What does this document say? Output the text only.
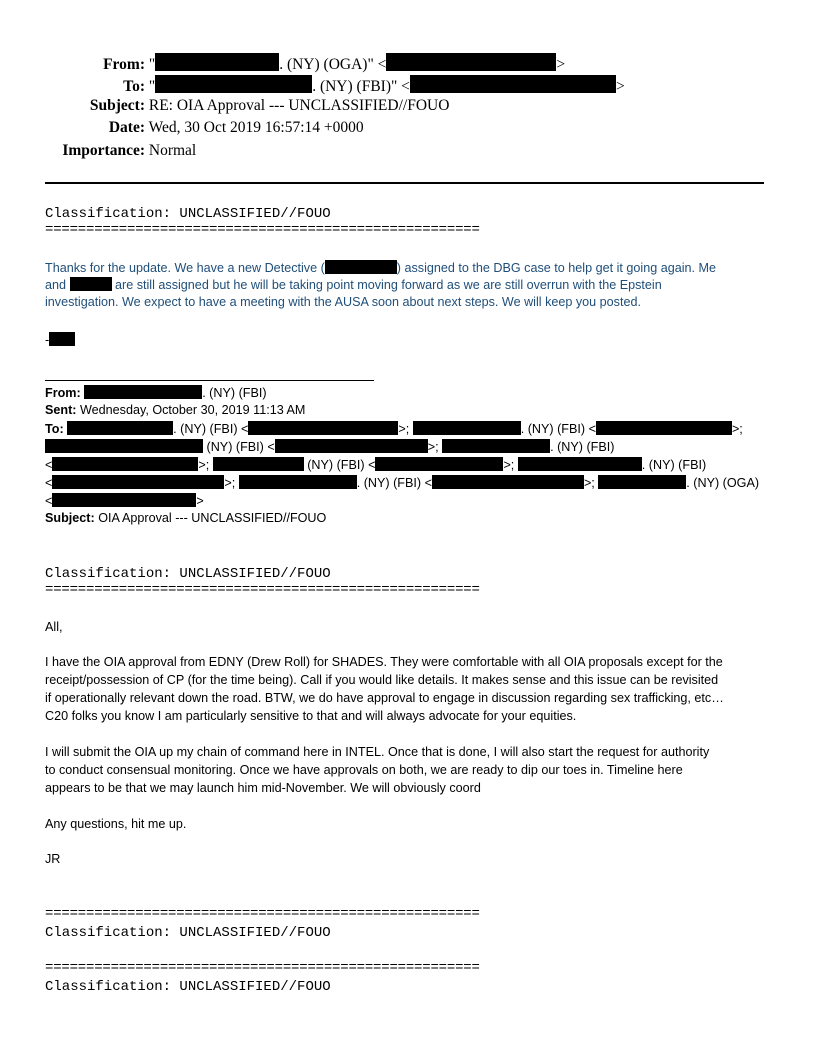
From: "	. (NY) (OGA)" <	>
To: "	. (NY) (FBI)" <	>
Subject: RE: OIA Approval --- UNCLASSIFIED//FOUO
Date: Wed, 30 Oct 2019 16:57:14 +0000
Importance: Normal
Classification: UNCLASSIFIED//FOUO
=====================================================
Thanks for the update. We have a new Detective (	) assigned to the DBG case to help get it going again. Me
and	are still assigned but he will be taking point moving forward as we are still overrun with the Epstein
investigation. We expect to have a meeting with the AUSA soon about next steps. We will keep you posted.
-
From:	. (NY) (FBI)
Sent: Wednesday, October 30, 2019 11:13 AM
To:	. (NY) (FBI) <	>;	. (NY) (FBI) <	>;
(NY) (FBI) <	>;	. (NY) (FBI)
<	>;	(NY) (FBI) <	>;	. (NY) (FBI)
<	>;	. (NY) (FBI) <	>;	. (NY) (OGA)
<	>
Subject: OIA Approval --- UNCLASSIFIED//FOUO
Classification: UNCLASSIFIED//FOUO
=====================================================
All,
I have the OIA approval from EDNY (Drew Roll) for SHADES. They were comfortable with all OIA proposals except for the
receipt/possession of CP (for the time being). Call if you would like details. It makes sense and this issue can be revisited
if operationally relevant down the road. BTW, we do have approval to engage in discussion regarding sex trafficking, etc…
C20 folks you know I am particularly sensitive to that and will always advocate for your equities.
I will submit the OIA up my chain of command here in INTEL. Once that is done, I will also start the request for authority
to conduct consensual monitoring. Once we have approvals on both, we are ready to dip our toes in. Timeline here
appears to be that we may launch him mid-November. We will obviously coord
Any questions, hit me up.
JR
=====================================================
Classification: UNCLASSIFIED//FOUO
=====================================================
Classification: UNCLASSIFIED//FOUO
